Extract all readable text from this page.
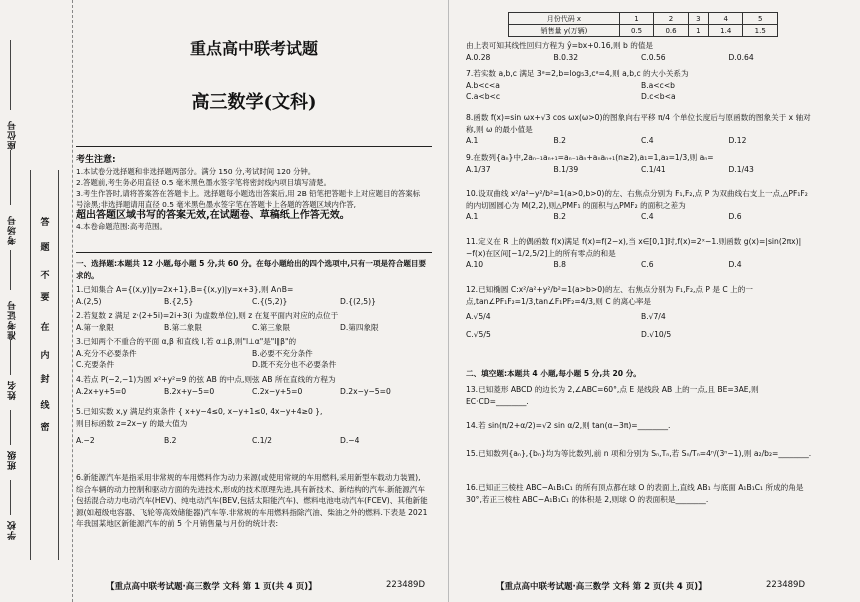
座位号
考场号
准考证号
姓名
班级
学校
答
题
不
要
在
内
封
线
密
重点高中联考试题
高三数学(文科)
考生注意:
1.本试卷分选择题和非选择题两部分。满分 150 分,考试时间 120 分钟。
2.答题前,考生务必用直径 0.5 毫米黑色墨水签字笔将密封线内项目填写清楚。
3.考生作答时,请将答案答在答题卡上。选择题每小题选出答案后,用 2B 铅笔把答题卡上对应题目的答案标号涂黑;非选择题请用直径 0.5 毫米黑色墨水签字笔在答题卡上各题的答题区域内作答,
超出答题区域书写的答案无效,在试题卷、草稿纸上作答无效。
4.本卷命题范围:高考范围。
一、选择题:本题共 12 小题,每小题 5 分,共 60 分。在每小题给出的四个选项中,只有一项是符合题目要求的。
1.已知集合 A={(x,y)|y=2x+1},B={(x,y)|y=x+3},则 A∩B=
A.(2,5)	B.{2,5}	C.{(5,2)}	D.{(2,5)}
2.若复数 z 满足 z·(2+5i)=2i+3(i 为虚数单位),则 z 在复平面内对应的点位于
A.第一象限	B.第二象限	C.第三象限	D.第四象限
3.已知两个不重合的平面 α,β 和直线 l,若 α⊥β,则"l⊥α"是"l∥β"的
A.充分不必要条件	B.必要不充分条件
C.充要条件	D.既不充分也不必要条件
4.若点 P(−2,−1)为圆 x²+y²=9 的弦 AB 的中点,则弦 AB 所在直线的方程为
A.2x+y+5=0	B.2x+y−5=0	C.2x−y+5=0	D.2x−y−5=0
5.已知实数 x,y 满足约束条件 { x+y−4≤0, x−y+1≤0, 4x−y+4≥0 },
则目标函数 z=2x−y 的最大值为
A.−2	B.2	C.1/2	D.−4
6.新能源汽车是指采用非常规的车用燃料作为动力来源(或使用常规的车用燃料,采用新型车载动力装置),综合车辆的动力控制和驱动方面的先进技术,形成的技术原理先进,具有新技术、新结构的汽车.新能源汽车包括混合动力电动汽车(HEV)、纯电动汽车(BEV,包括太阳能汽车)、燃料电池电动汽车(FCEV)、其他新能源(如超级电容器、飞轮等高效储能器)汽车等.非常规的车用燃料指除汽油、柴油之外的燃料.下表是 2021 年我国某地区新能源汽车的前 5 个月销售量与月份的统计表:
【重点高中联考试题·高三数学 文科 第 1 页(共 4 页)】	223489D
月份代码 x	1	2	3	4	5
销售量 y(万辆)	0.5	0.6	1	1.4	1.5
由上表可知其线性回归方程为 ŷ=bx+0.16,则 b 的值是
A.0.28	B.0.32	C.0.56	D.0.64
7.若实数 a,b,c 满足 3ᵃ=2,b=log₅3,cᵃ=4,则 a,b,c 的大小关系为
A.b<c<a	B.a<c<b
C.a<b<c	D.c<b<a
8.函数 f(x)=sin ωx+√3 cos ωx(ω>0)的图象向右平移 π/4 个单位长度后与原函数的图象关于 x 轴对称,则 ω 的最小值是
A.1	B.2	C.4	D.12
9.在数列{aₙ}中,2aₙ₋₁aₙ₊₁=aₙ₋₁aₙ+aₙaₙ₊₁(n≥2),a₁=1,a₃=1/3,则 aₙ=
A.1/37	B.1/39	C.1/41	D.1/43
10.设双曲线 x²/a²−y²/b²=1(a>0,b>0)的左、右焦点分别为 F₁,F₂,点 P 为双曲线右支上一点,△PF₁F₂ 的内切圆圆心为 M(2,2),则△PMF₁ 的面积与△PMF₂ 的面积之差为
A.1	B.2	C.4	D.6
11.定义在 R 上的偶函数 f(x)满足 f(x)=f(2−x),当 x∈[0,1]时,f(x)=2ˣ−1.则函数 g(x)=|sin(2πx)|−f(x)在区间[−1/2,5/2]上的所有零点的和是
A.10	B.8	C.6	D.4
12.已知椭圆 C:x²/a²+y²/b²=1(a>b>0)的左、右焦点分别为 F₁,F₂,点 P 是 C 上的一点,tan∠PF₁F₂=1/3,tan∠F₁PF₂=4/3,则 C 的离心率是
A.√5/4	B.√7/4
C.√5/5	D.√10/5
二、填空题:本题共 4 小题,每小题 5 分,共 20 分。
13.已知菱形 ABCD 的边长为 2,∠ABC=60°,点 E 是线段 AB 上的一点,且 BE=3AE,则 EC·CD=________.
14.若 sin(π/2+α/2)=√2 sin α/2,则 tan(α−3π)=________.
15.已知数列{aₙ},{bₙ}均为等比数列,前 n 项和分别为 Sₙ,Tₙ,若 Sₙ/Tₙ=4ⁿ/(3ⁿ−1),则 a₂/b₂=________.
16.已知正三棱柱 ABC−A₁B₁C₁ 的所有顶点都在球 O 的表面上,直线 AB₁ 与底面 A₁B₁C₁ 所成的角是 30°,若正三棱柱 ABC−A₁B₁C₁ 的体积是 2,则球 O 的表面积是________.
【重点高中联考试题·高三数学 文科 第 2 页(共 4 页)】	223489D
